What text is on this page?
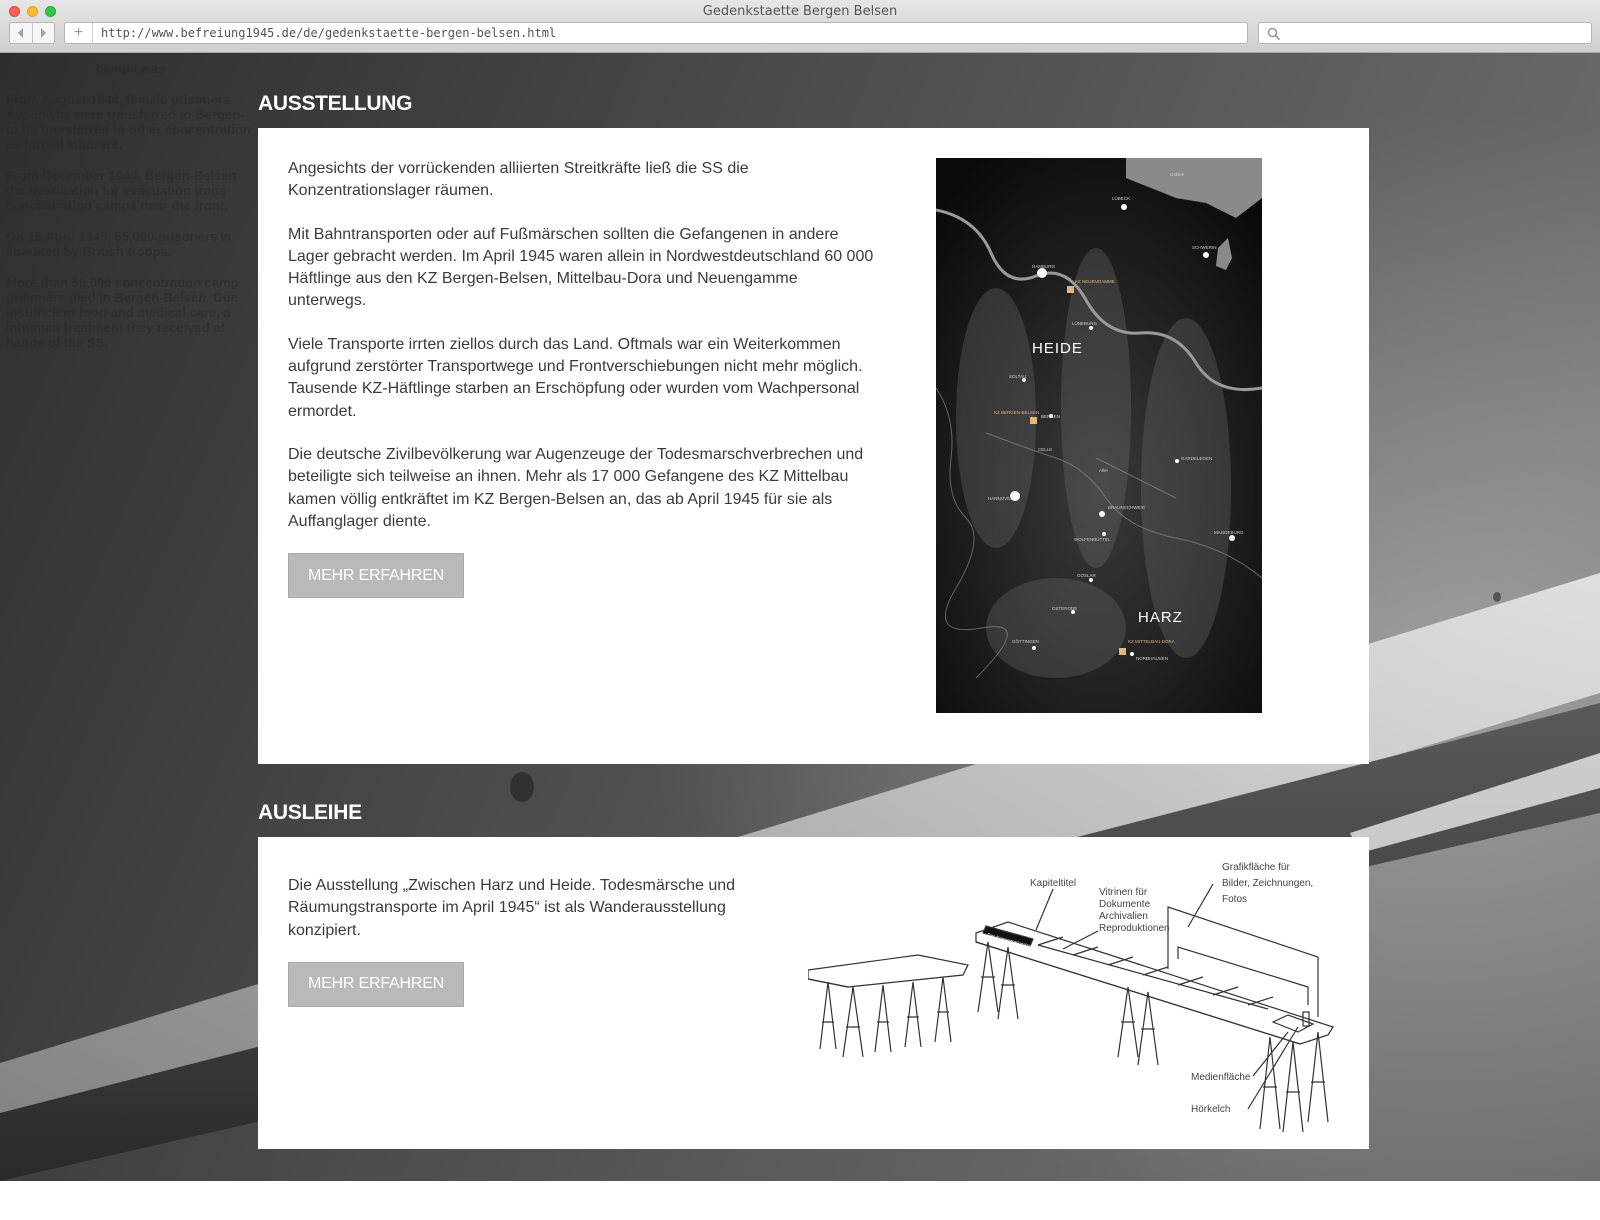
Gedenkstaette Bergen Belsen
+	http://www.befreiung1945.de/de/gedenkstaette-bergen-belsen.html
camps was
From August 1944, female prisoners
Auschwitz were transferred to Bergen-
to be transferred to other concentration
as forced laborers.
From December 1944, Bergen-Belsen
the destination for evacuation trans
concentration camps near the front.
On 15 April 1945, 55,000 prisoners w
liberated by British troops.
More than 50,000 concentration camp
prisoners died in Bergen-Belsen. Due
insufficient food and medical care, a
inhuman treatment they received at
hands of the SS.
AUSSTELLUNG

Angesichts der vorrückenden alliierten Streitkräfte ließ die SS die Konzentrationslager räumen.

Mit Bahntransporten oder auf Fußmärschen sollten die Gefangenen in andere Lager gebracht werden. Im April 1945 waren allein in Nordwestdeutschland 60 000 Häftlinge aus den KZ Bergen-Belsen, Mittelbau-Dora und Neuengamme unterwegs.

Viele Transporte irrten ziellos durch das Land. Oftmals war ein Weiterkommen aufgrund zerstörter Transportwege und Frontverschiebungen nicht mehr möglich. Tausende KZ-Häftlinge starben an Erschöpfung oder wurden vom Wachpersonal ermordet.

Die deutsche Zivilbevölkerung war Augenzeuge der Todesmarschverbrechen und beteiligte sich teilweise an ihnen. Mehr als 17 000 Gefangene des KZ Mittelbau kamen völlig entkräftet im KZ Bergen-Belsen an, das ab April 1945 für sie als Auffanglager diente.

MEHR ERFAHREN
HEIDE
HARZ
Ostsee
LÜBECK
SCHWERIN
HAMBURG
KZ NEUENGAMME
LÜNEBURG
SOLTAU
KZ BERGEN-BELSEN
BERGEN
CELLE
Aller
GARDELEGEN
HANNOVER
BRAUNSCHWEIG
WOLFENBÜTTEL
MAGDEBURG
GOSLAR
OSTERODE
GÖTTINGEN	KZ MITTELBAU-DORA
NORDHAUSEN
AUSLEIHE

Die Ausstellung „Zwischen Harz und Heide. Todesmärsche und Räumungstransporte im April 1945“ ist als Wanderausstellung konzipiert.

MEHR ERFAHREN
Das Konzentrationslager
Kapiteltitel
Vitrinen für
Dokumente
Archivalien
Reproduktionen
Grafikfläche für
Bilder, Zeichnungen,
Fotos
Medienfläche
Hörkelch
